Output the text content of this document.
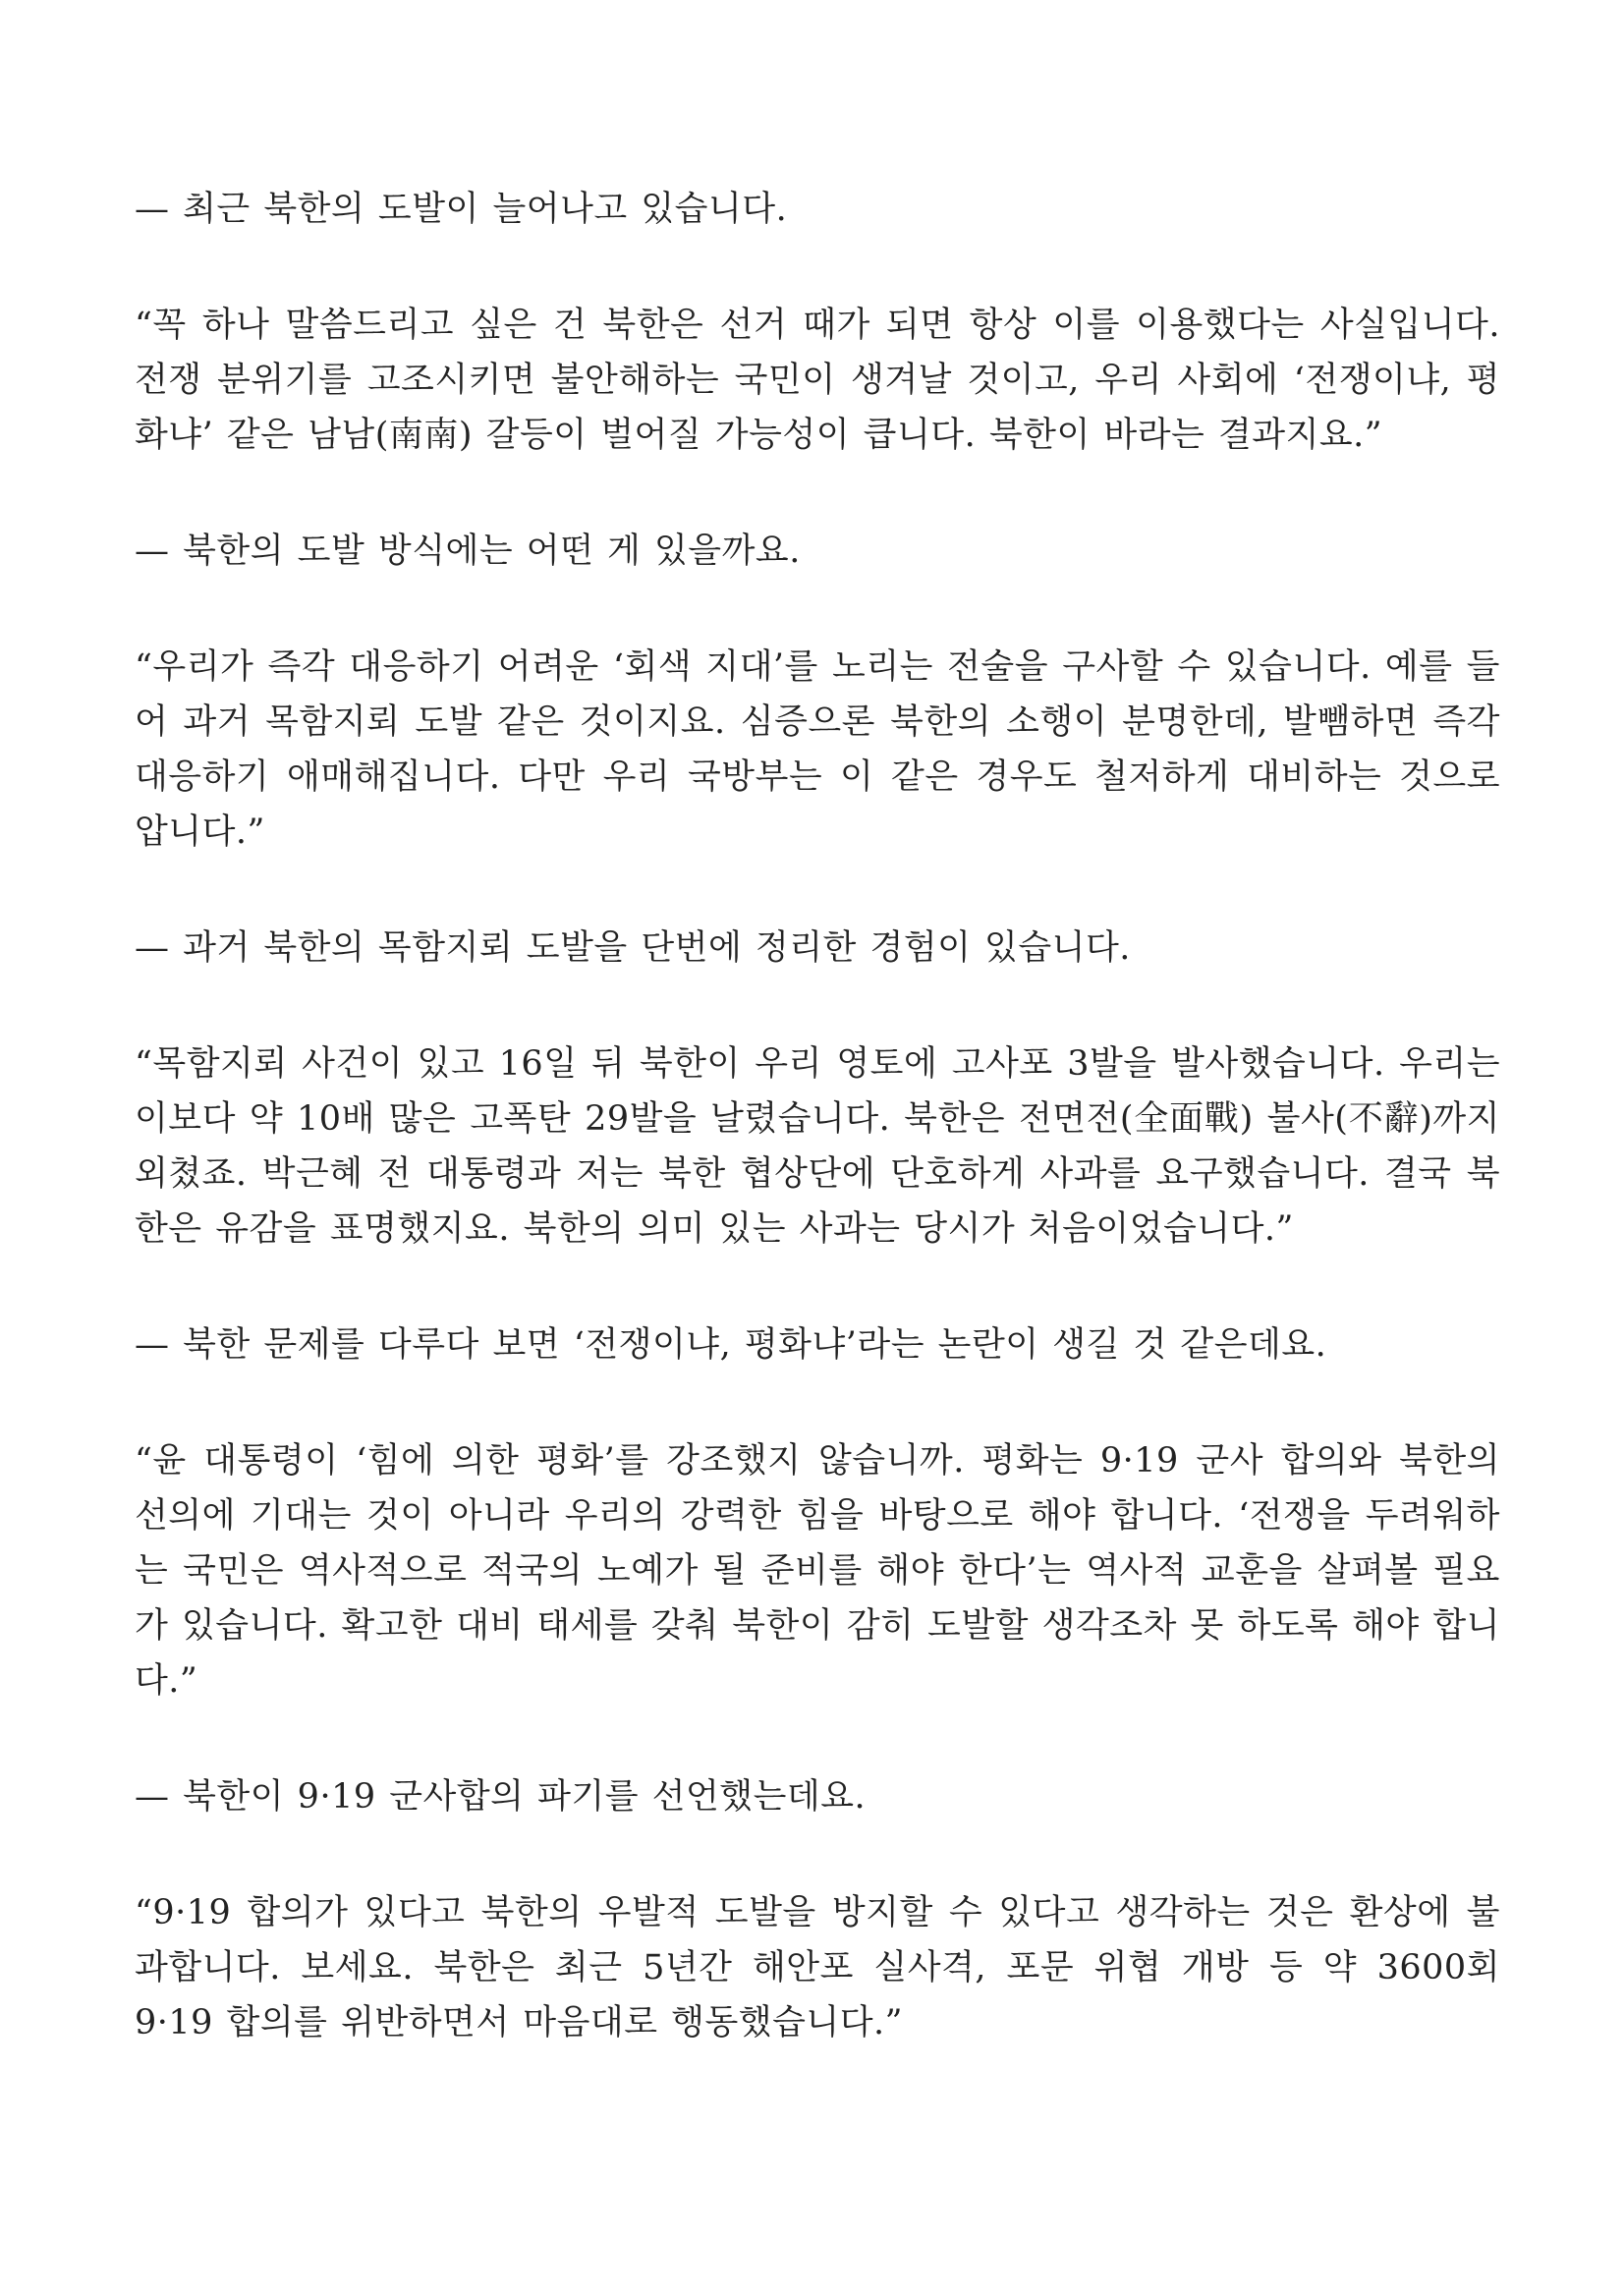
— 최근 북한의 도발이 늘어나고 있습니다.

“꼭 하나 말씀드리고 싶은 건 북한은 선거 때가 되면 항상 이를 이용했다는 사실입니다. 전쟁 분위기를 고조시키면 불안해하는 국민이 생겨날 것이고, 우리 사회에 ‘전쟁이냐, 평화냐’ 같은 남남(南南) 갈등이 벌어질 가능성이 큽니다. 북한이 바라는 결과지요.”

— 북한의 도발 방식에는 어떤 게 있을까요.

“우리가 즉각 대응하기 어려운 ‘회색 지대’를 노리는 전술을 구사할 수 있습니다. 예를 들어 과거 목함지뢰 도발 같은 것이지요. 심증으론 북한의 소행이 분명한데, 발뺌하면 즉각 대응하기 애매해집니다. 다만 우리 국방부는 이 같은 경우도 철저하게 대비하는 것으로 압니다.”

— 과거 북한의 목함지뢰 도발을 단번에 정리한 경험이 있습니다.

“목함지뢰 사건이 있고 16일 뒤 북한이 우리 영토에 고사포 3발을 발사했습니다. 우리는 이보다 약 10배 많은 고폭탄 29발을 날렸습니다. 북한은 전면전(全面戰) 불사(不辭)까지 외쳤죠. 박근혜 전 대통령과 저는 북한 협상단에 단호하게 사과를 요구했습니다. 결국 북한은 유감을 표명했지요. 북한의 의미 있는 사과는 당시가 처음이었습니다.”

— 북한 문제를 다루다 보면 ‘전쟁이냐, 평화냐’라는 논란이 생길 것 같은데요.

“윤 대통령이 ‘힘에 의한 평화’를 강조했지 않습니까. 평화는 9·19 군사 합의와 북한의 선의에 기대는 것이 아니라 우리의 강력한 힘을 바탕으로 해야 합니다. ‘전쟁을 두려워하는 국민은 역사적으로 적국의 노예가 될 준비를 해야 한다’는 역사적 교훈을 살펴볼 필요가 있습니다. 확고한 대비 태세를 갖춰 북한이 감히 도발할 생각조차 못 하도록 해야 합니다.”

— 북한이 9·19 군사합의 파기를 선언했는데요.

“9·19 합의가 있다고 북한의 우발적 도발을 방지할 수 있다고 생각하는 것은 환상에 불과합니다. 보세요. 북한은 최근 5년간 해안포 실사격, 포문 위협 개방 등 약 3600회 9·19 합의를 위반하면서 마음대로 행동했습니다.”
